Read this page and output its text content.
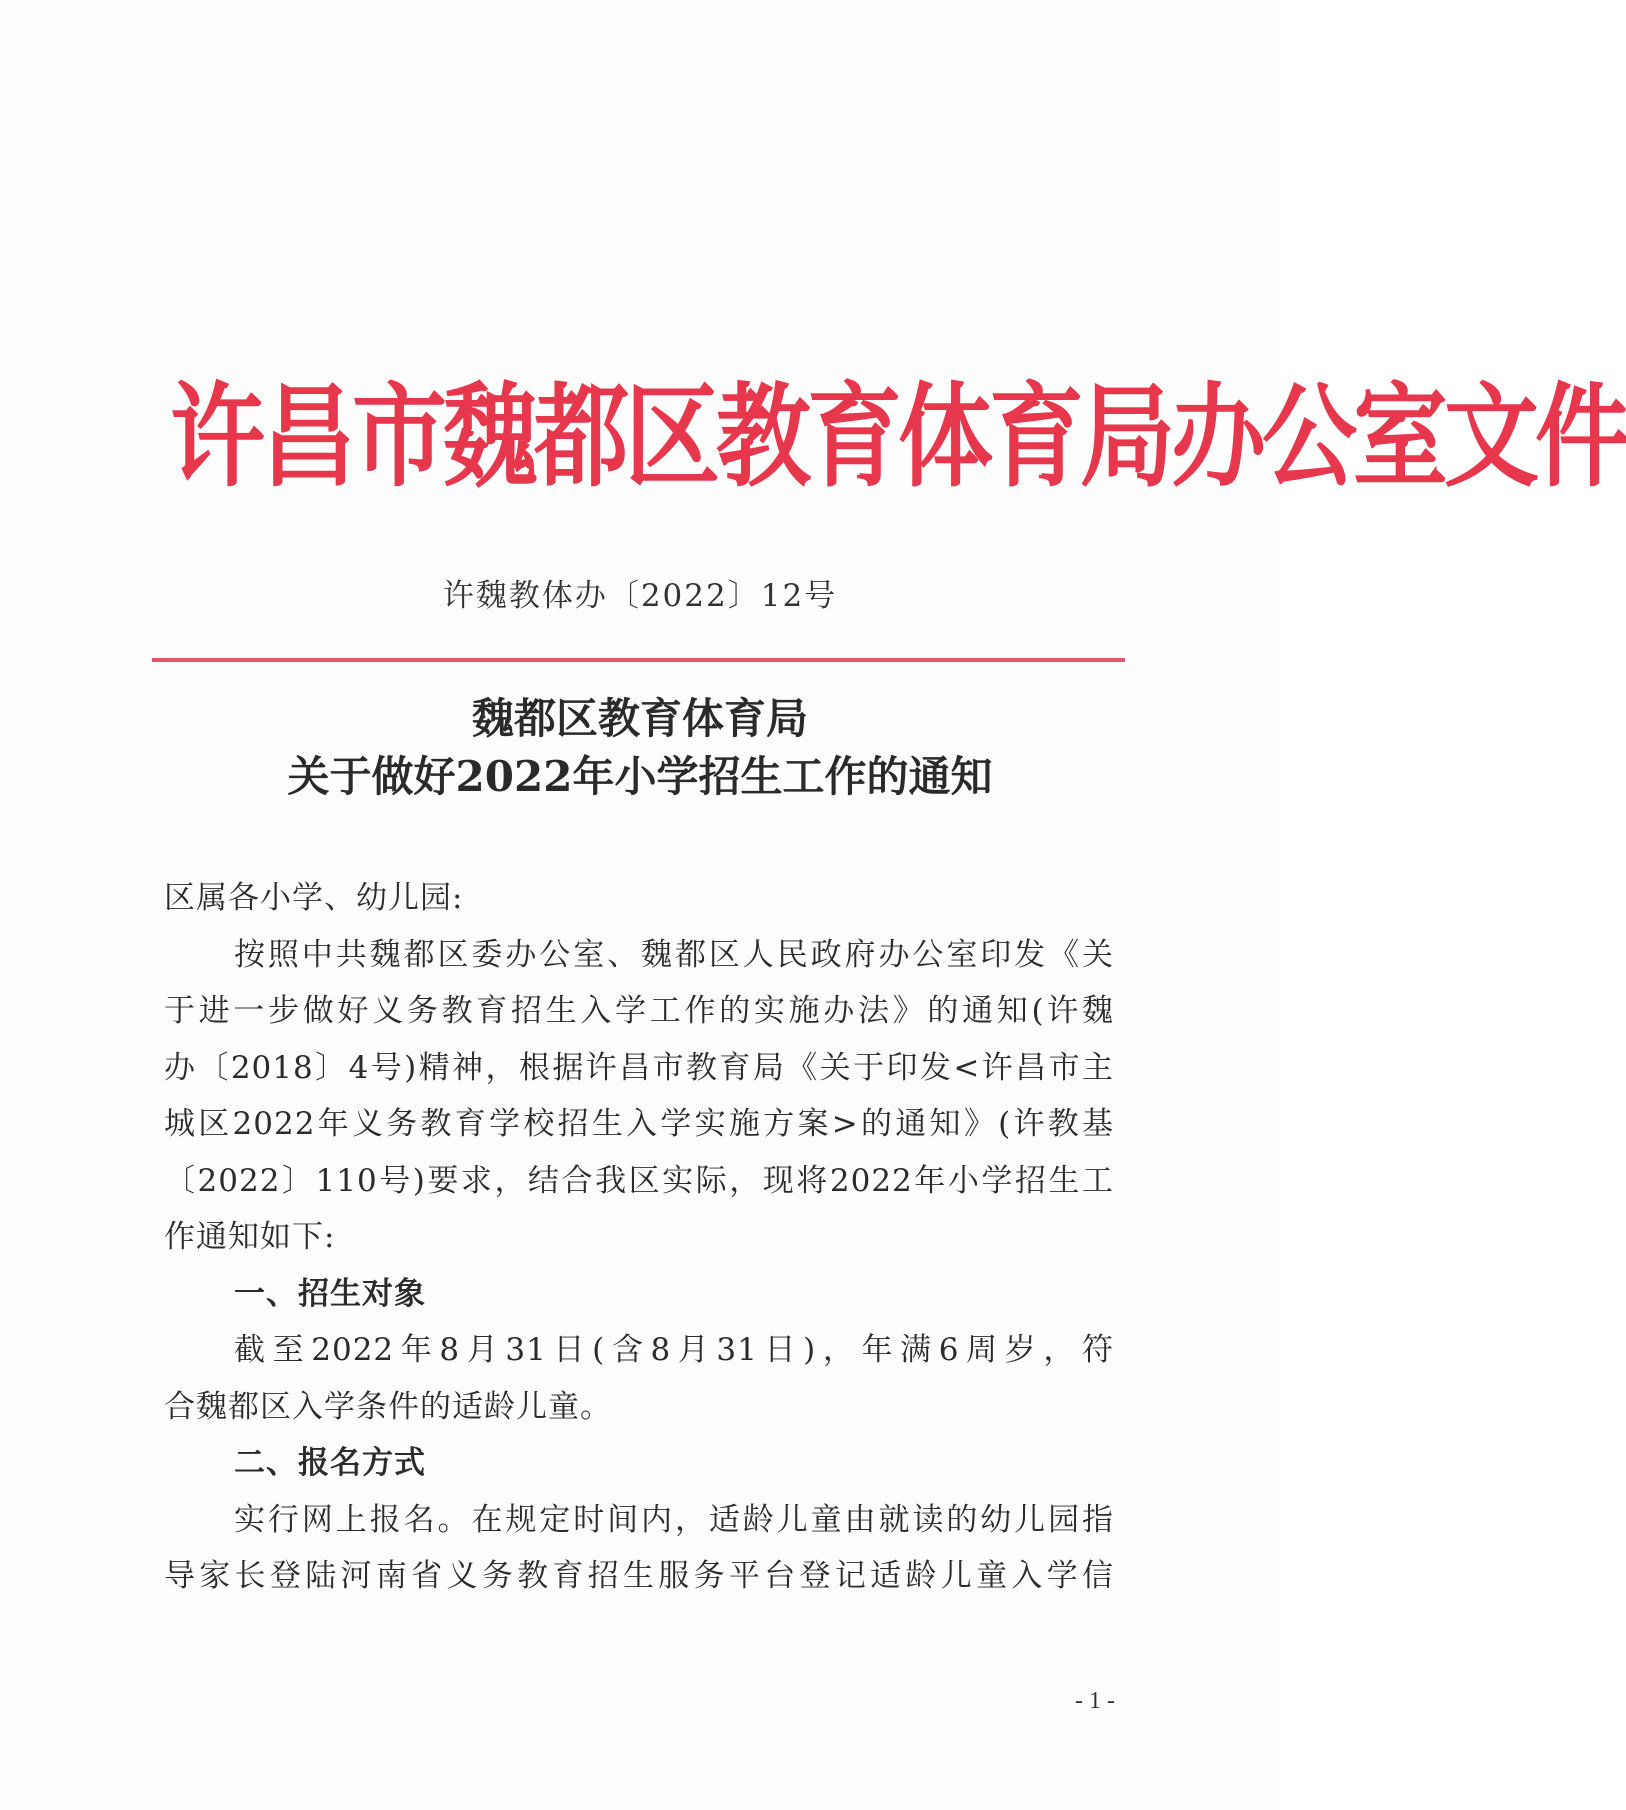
许昌市魏都区教育体育局办公室文件
许魏教体办〔2022〕12号
魏都区教育体育局
关于做好2022年小学招生工作的通知
区属各小学、幼儿园:
按照中共魏都区委办公室、魏都区人民政府办公室印发《关
于进一步做好义务教育招生入学工作的实施办法》的通知(许魏
办〔2018〕4号)精神，根据许昌市教育局《关于印发<许昌市主
城区2022年义务教育学校招生入学实施方案>的通知》(许教基
〔2022〕110号)要求，结合我区实际，现将2022年小学招生工
作通知如下:
一、招生对象
截至2022年8月31日(含8月31日)，年满6周岁，符
合魏都区入学条件的适龄儿童。
二、报名方式
实行网上报名。在规定时间内，适龄儿童由就读的幼儿园指
导家长登陆河南省义务教育招生服务平台登记适龄儿童入学信
- 1 -
